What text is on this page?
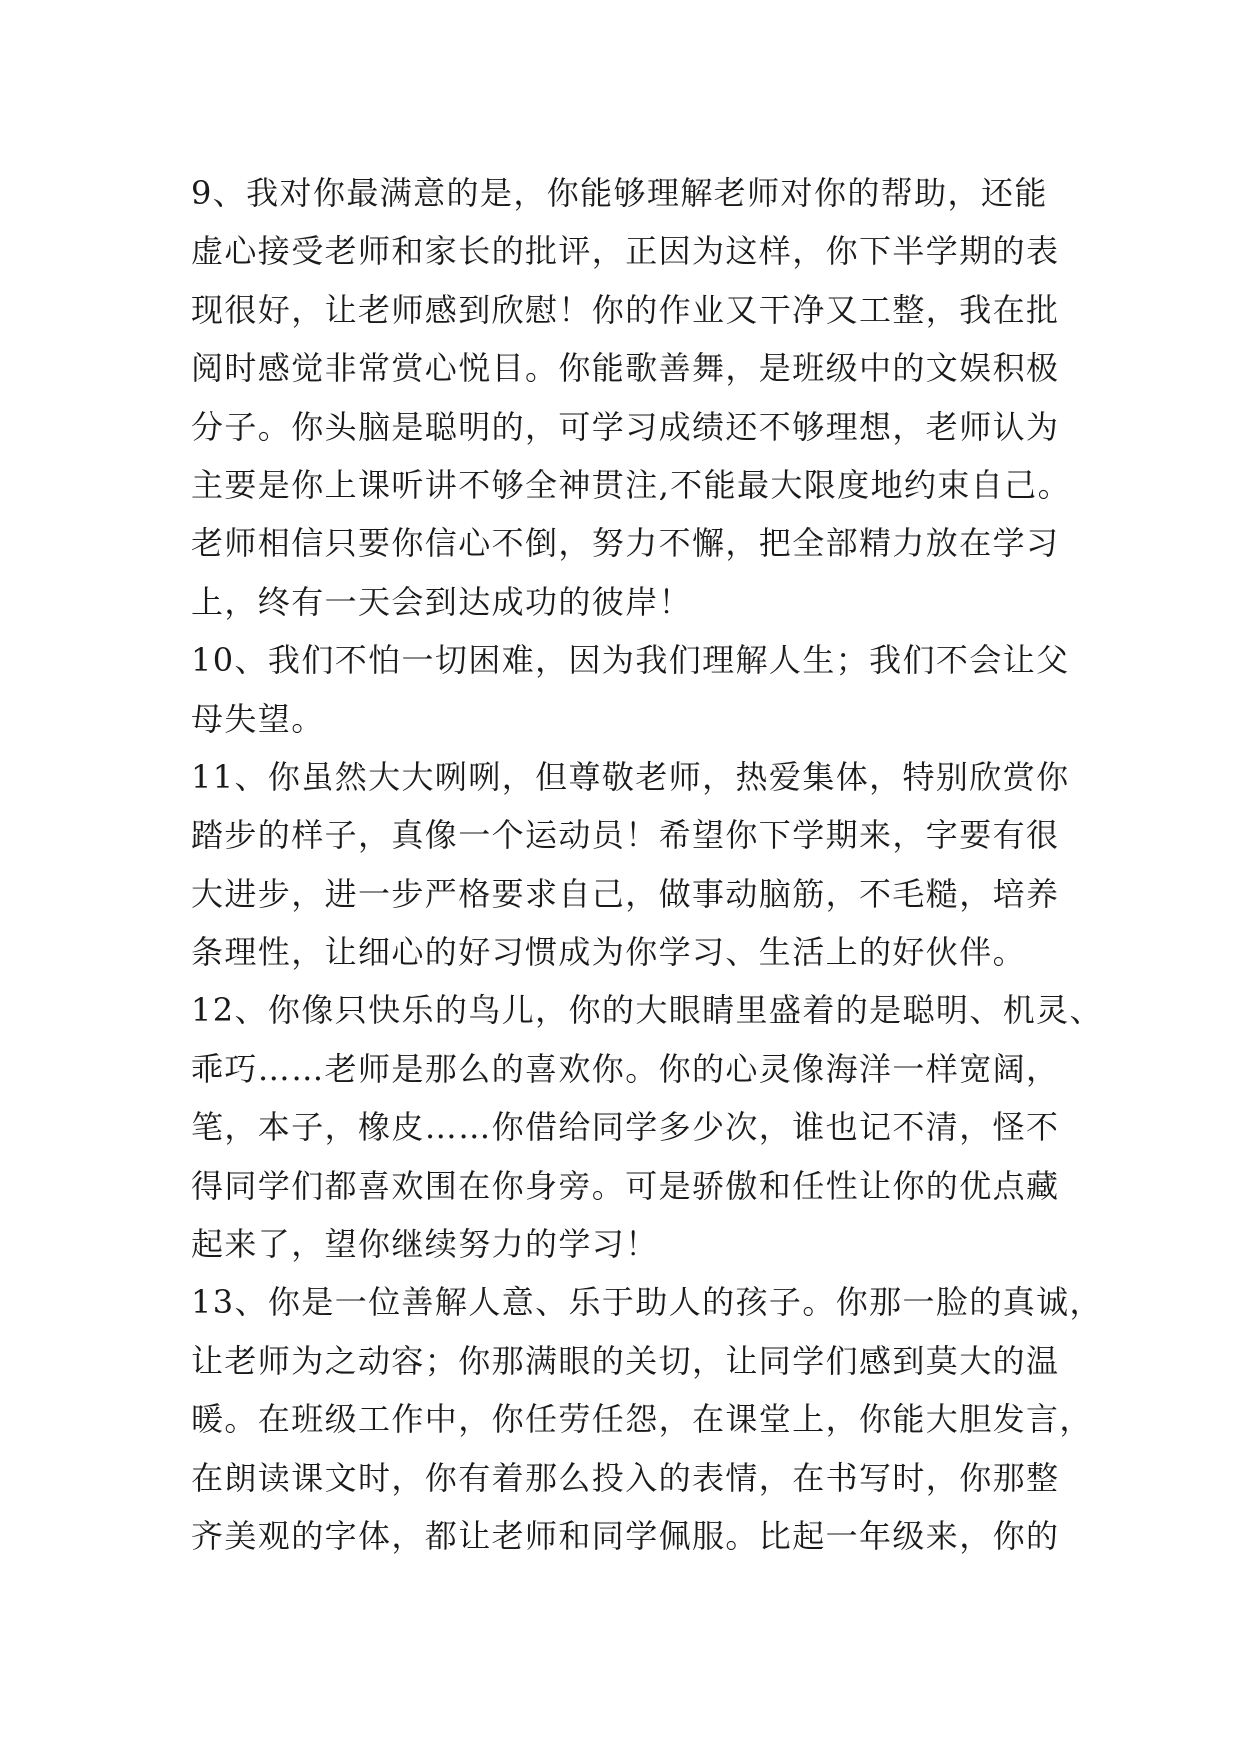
9、我对你最满意的是，你能够理解老师对你的帮助，还能
虚心接受老师和家长的批评，正因为这样，你下半学期的表
现很好，让老师感到欣慰！你的作业又干净又工整，我在批
阅时感觉非常赏心悦目。你能歌善舞，是班级中的文娱积极
分子。你头脑是聪明的，可学习成绩还不够理想，老师认为
主要是你上课听讲不够全神贯注,不能最大限度地约束自己。
老师相信只要你信心不倒，努力不懈，把全部精力放在学习
上，终有一天会到达成功的彼岸！
10、我们不怕一切困难，因为我们理解人生；我们不会让父
母失望。
11、你虽然大大咧咧，但尊敬老师，热爱集体，特别欣赏你
踏步的样子，真像一个运动员！希望你下学期来，字要有很
大进步，进一步严格要求自己，做事动脑筋，不毛糙，培养
条理性，让细心的好习惯成为你学习、生活上的好伙伴。
12、你像只快乐的鸟儿，你的大眼睛里盛着的是聪明、机灵、
乖巧……老师是那么的喜欢你。你的心灵像海洋一样宽阔，
笔，本子，橡皮……你借给同学多少次，谁也记不清，怪不
得同学们都喜欢围在你身旁。可是骄傲和任性让你的优点藏
起来了，望你继续努力的学习！
13、你是一位善解人意、乐于助人的孩子。你那一脸的真诚，
让老师为之动容；你那满眼的关切，让同学们感到莫大的温
暖。在班级工作中，你任劳任怨，在课堂上，你能大胆发言，
在朗读课文时，你有着那么投入的表情，在书写时，你那整
齐美观的字体，都让老师和同学佩服。比起一年级来，你的
